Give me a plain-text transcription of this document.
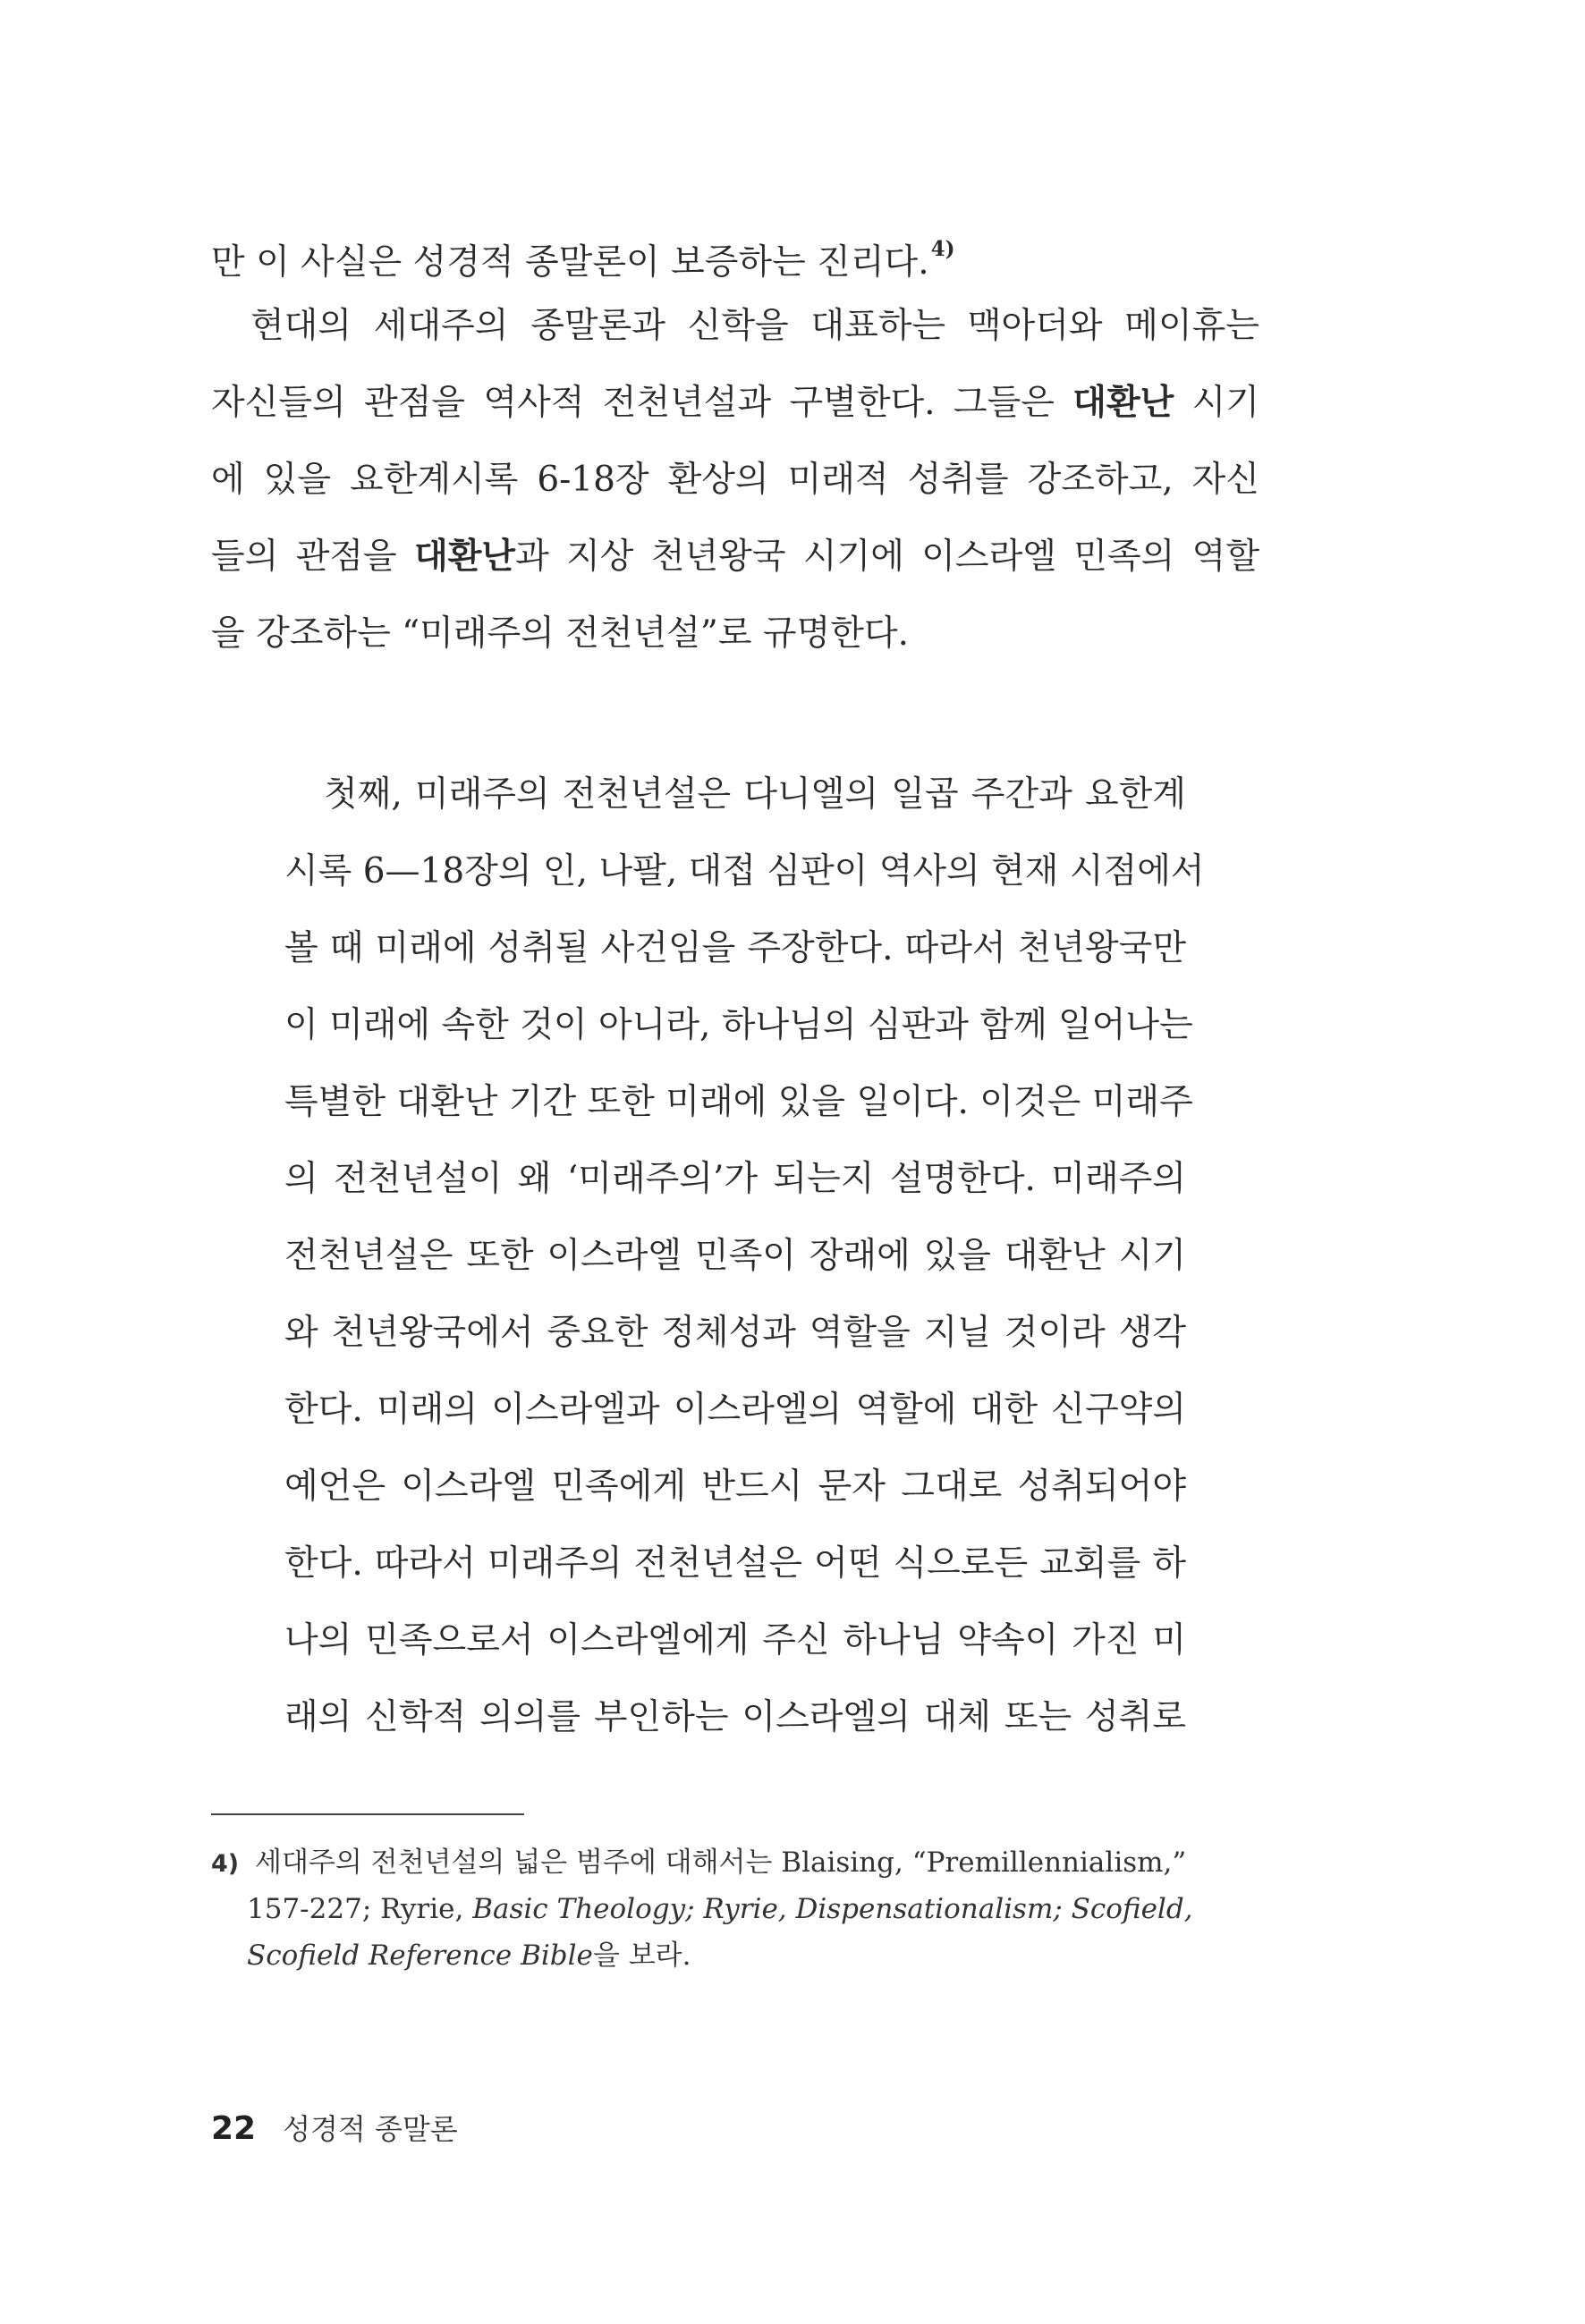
만 이 사실은 성경적 종말론이 보증하는 진리다.$^{4)}$
현대의 세대주의 종말론과 신학을 대표하는 맥아더와 메이휴는
자신들의 관점을 역사적 전천년설과 구별한다. 그들은 대환난 시기
에 있을 요한계시록 6-18장 환상의 미래적 성취를 강조하고, 자신
들의 관점을 대환난과 지상 천년왕국 시기에 이스라엘 민족의 역할
을 강조하는 “미래주의 전천년설”로 규명한다.
첫째, 미래주의 전천년설은 다니엘의 일곱 주간과 요한계
시록 6—18장의 인, 나팔, 대접 심판이 역사의 현재 시점에서
볼 때 미래에 성취될 사건임을 주장한다. 따라서 천년왕국만
이 미래에 속한 것이 아니라, 하나님의 심판과 함께 일어나는
특별한 대환난 기간 또한 미래에 있을 일이다. 이것은 미래주
의 전천년설이 왜 ‘미래주의’가 되는지 설명한다. 미래주의
전천년설은 또한 이스라엘 민족이 장래에 있을 대환난 시기
와 천년왕국에서 중요한 정체성과 역할을 지닐 것이라 생각
한다. 미래의 이스라엘과 이스라엘의 역할에 대한 신구약의
예언은 이스라엘 민족에게 반드시 문자 그대로 성취되어야
한다. 따라서 미래주의 전천년설은 어떤 식으로든 교회를 하
나의 민족으로서 이스라엘에게 주신 하나님 약속이 가진 미
래의 신학적 의의를 부인하는 이스라엘의 대체 또는 성취로
4) 세대주의 전천년설의 넓은 범주에 대해서는 Blaising, “Premillennialism,”
157-227; Ryrie, Basic Theology; Ryrie, Dispensationalism; Scofield,
Scofield Reference Bible을 보라.
22 성경적 종말론
